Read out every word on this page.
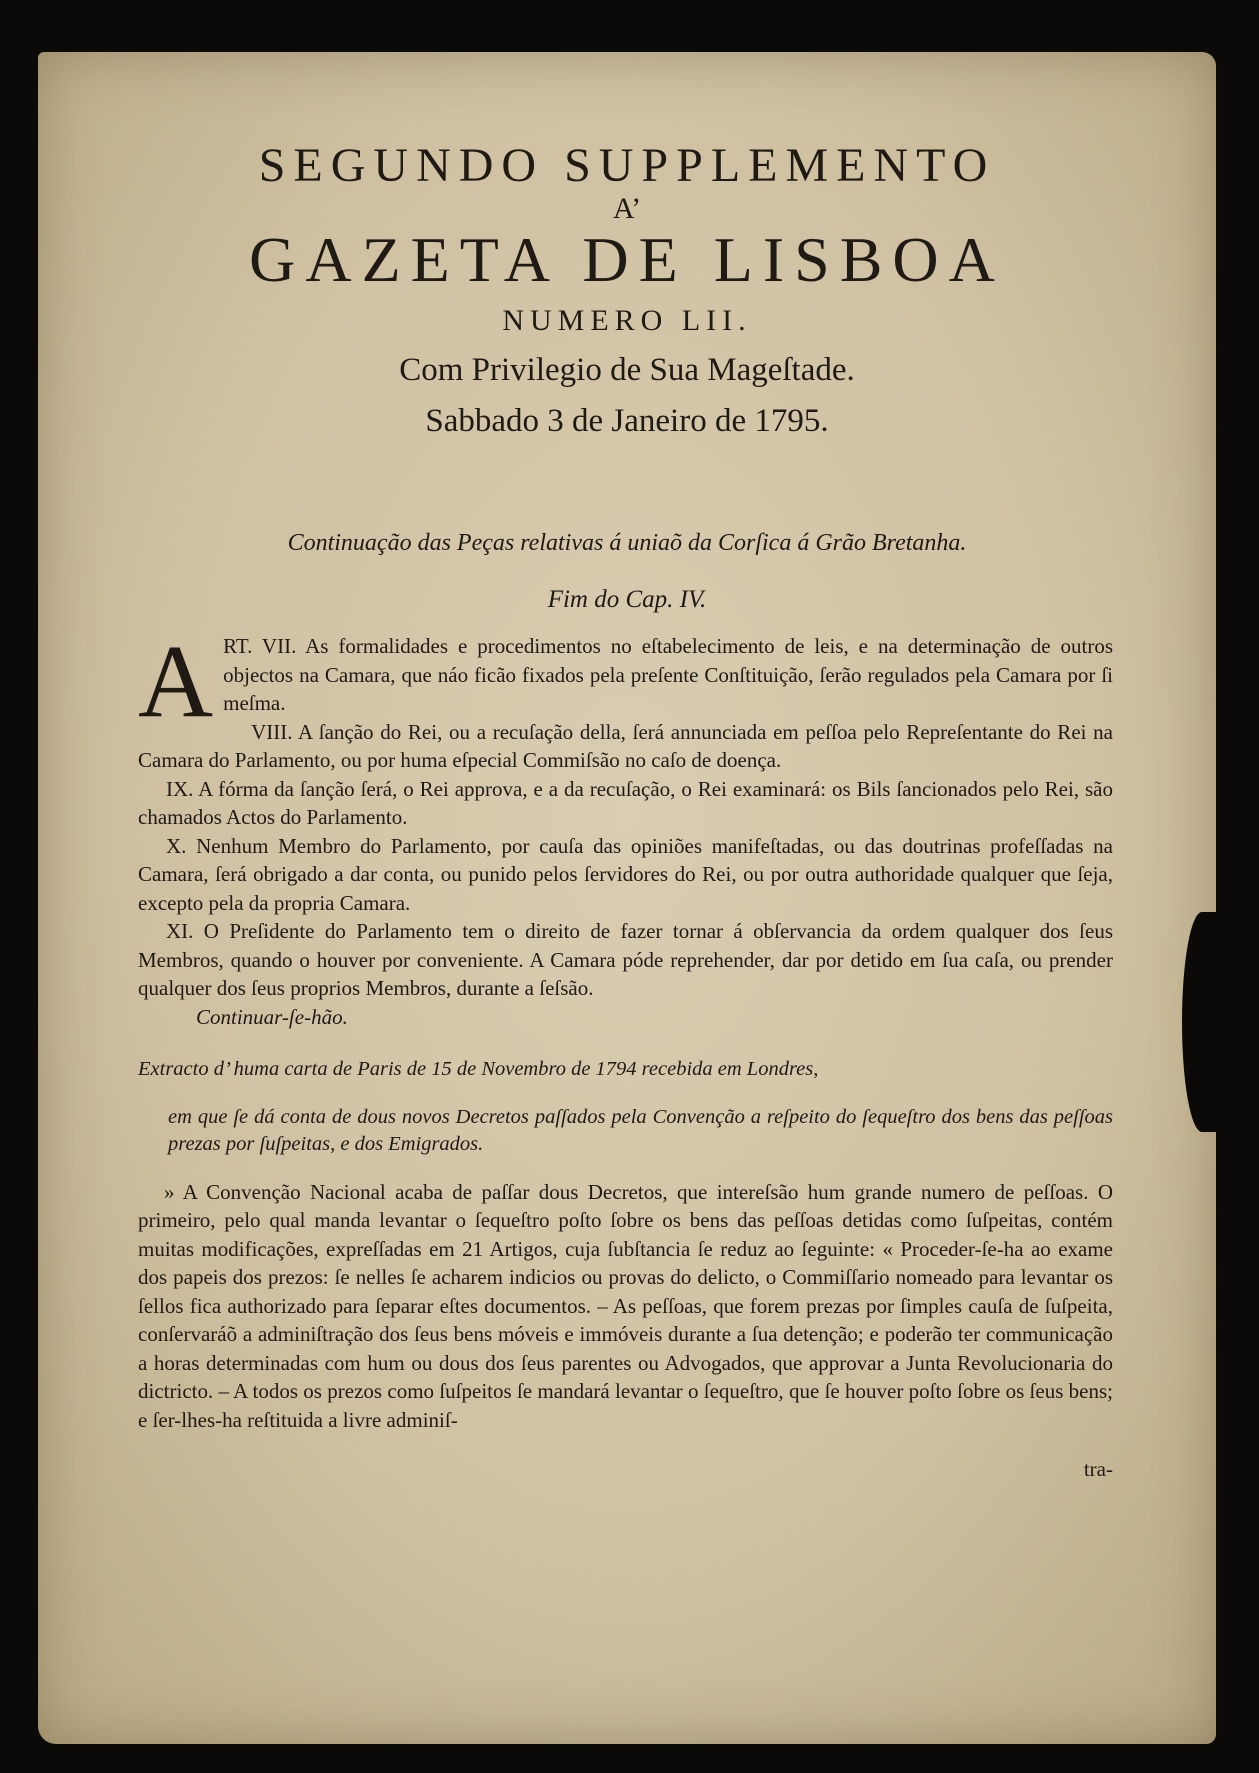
SEGUNDO SUPPLEMENTO
A’
GAZETA DE LISBOA
NUMERO LII.
Com Privilegio de Sua Mageſtade.
Sabbado 3 de Janeiro de 1795.
Continuação das Peças relativas á uniaõ da Corſica á Grão Bretanha.
Fim do Cap. IV.

ART. VII. As formalidades e procedimentos no eſtabelecimento de leis, e na determinação de outros objectos na Camara, que náo ficão fixados pela preſente Conſtituição, ſerão regulados pela Camara por ſi meſma.

VIII. A ſanção do Rei, ou a recuſação della, ſerá annunciada em peſſoa pelo Repreſentante do Rei na Camara do Parlamento, ou por huma eſpecial Commiſsão no caſo de doença.

IX. A fórma da ſanção ſerá, o Rei approva, e a da recuſação, o Rei examinará: os Bils ſancionados pelo Rei, são chamados Actos do Parlamento.

X. Nenhum Membro do Parlamento, por cauſa das opiniões manifeſtadas, ou das doutrinas profeſſadas na Camara, ſerá obrigado a dar conta, ou punido pelos ſervidores do Rei, ou por outra authoridade qualquer que ſeja, excepto pela da propria Camara.

XI. O Preſidente do Parlamento tem o direito de fazer tornar á obſervancia da ordem qualquer dos ſeus Membros, quando o houver por conveniente. A Camara póde reprehender, dar por detido em ſua caſa, ou prender qualquer dos ſeus proprios Membros, durante a ſeſsão.

Continuar-ſe-hão.

Extracto d’ huma carta de Paris de 15 de Novembro de 1794 recebida em Londres,

em que ſe dá conta de dous novos Decretos paſſados pela Convenção a reſpeito do ſequeſtro dos bens das peſſoas prezas por ſuſpeitas, e dos Emigrados.

» A Convenção Nacional acaba de paſſar dous Decretos, que intereſsão hum grande numero de peſſoas. O primeiro, pelo qual manda levantar o ſequeſtro poſto ſobre os bens das peſſoas detidas como ſuſpeitas, contém muitas modificações, expreſſadas em 21 Artigos, cuja ſubſtancia ſe reduz ao ſeguinte: « Proceder-ſe-ha ao exame dos papeis dos prezos: ſe nelles ſe acharem indicios ou provas do delicto, o Commiſſario nomeado para levantar os ſellos fica authorizado para ſeparar eſtes documentos. – As peſſoas, que forem prezas por ſimples cauſa de ſuſpeita, conſervaráõ a adminiſtração dos ſeus bens móveis e immóveis durante a ſua detenção; e poderão ter communicação a horas determinadas com hum ou dous dos ſeus parentes ou Advogados, que approvar a Junta Revolucionaria do dictricto. – A todos os prezos como ſuſpeitos ſe mandará levantar o ſequeſtro, que ſe houver poſto ſobre os ſeus bens; e ſer-lhes-ha reſtituida a livre adminiſ-

tra-
